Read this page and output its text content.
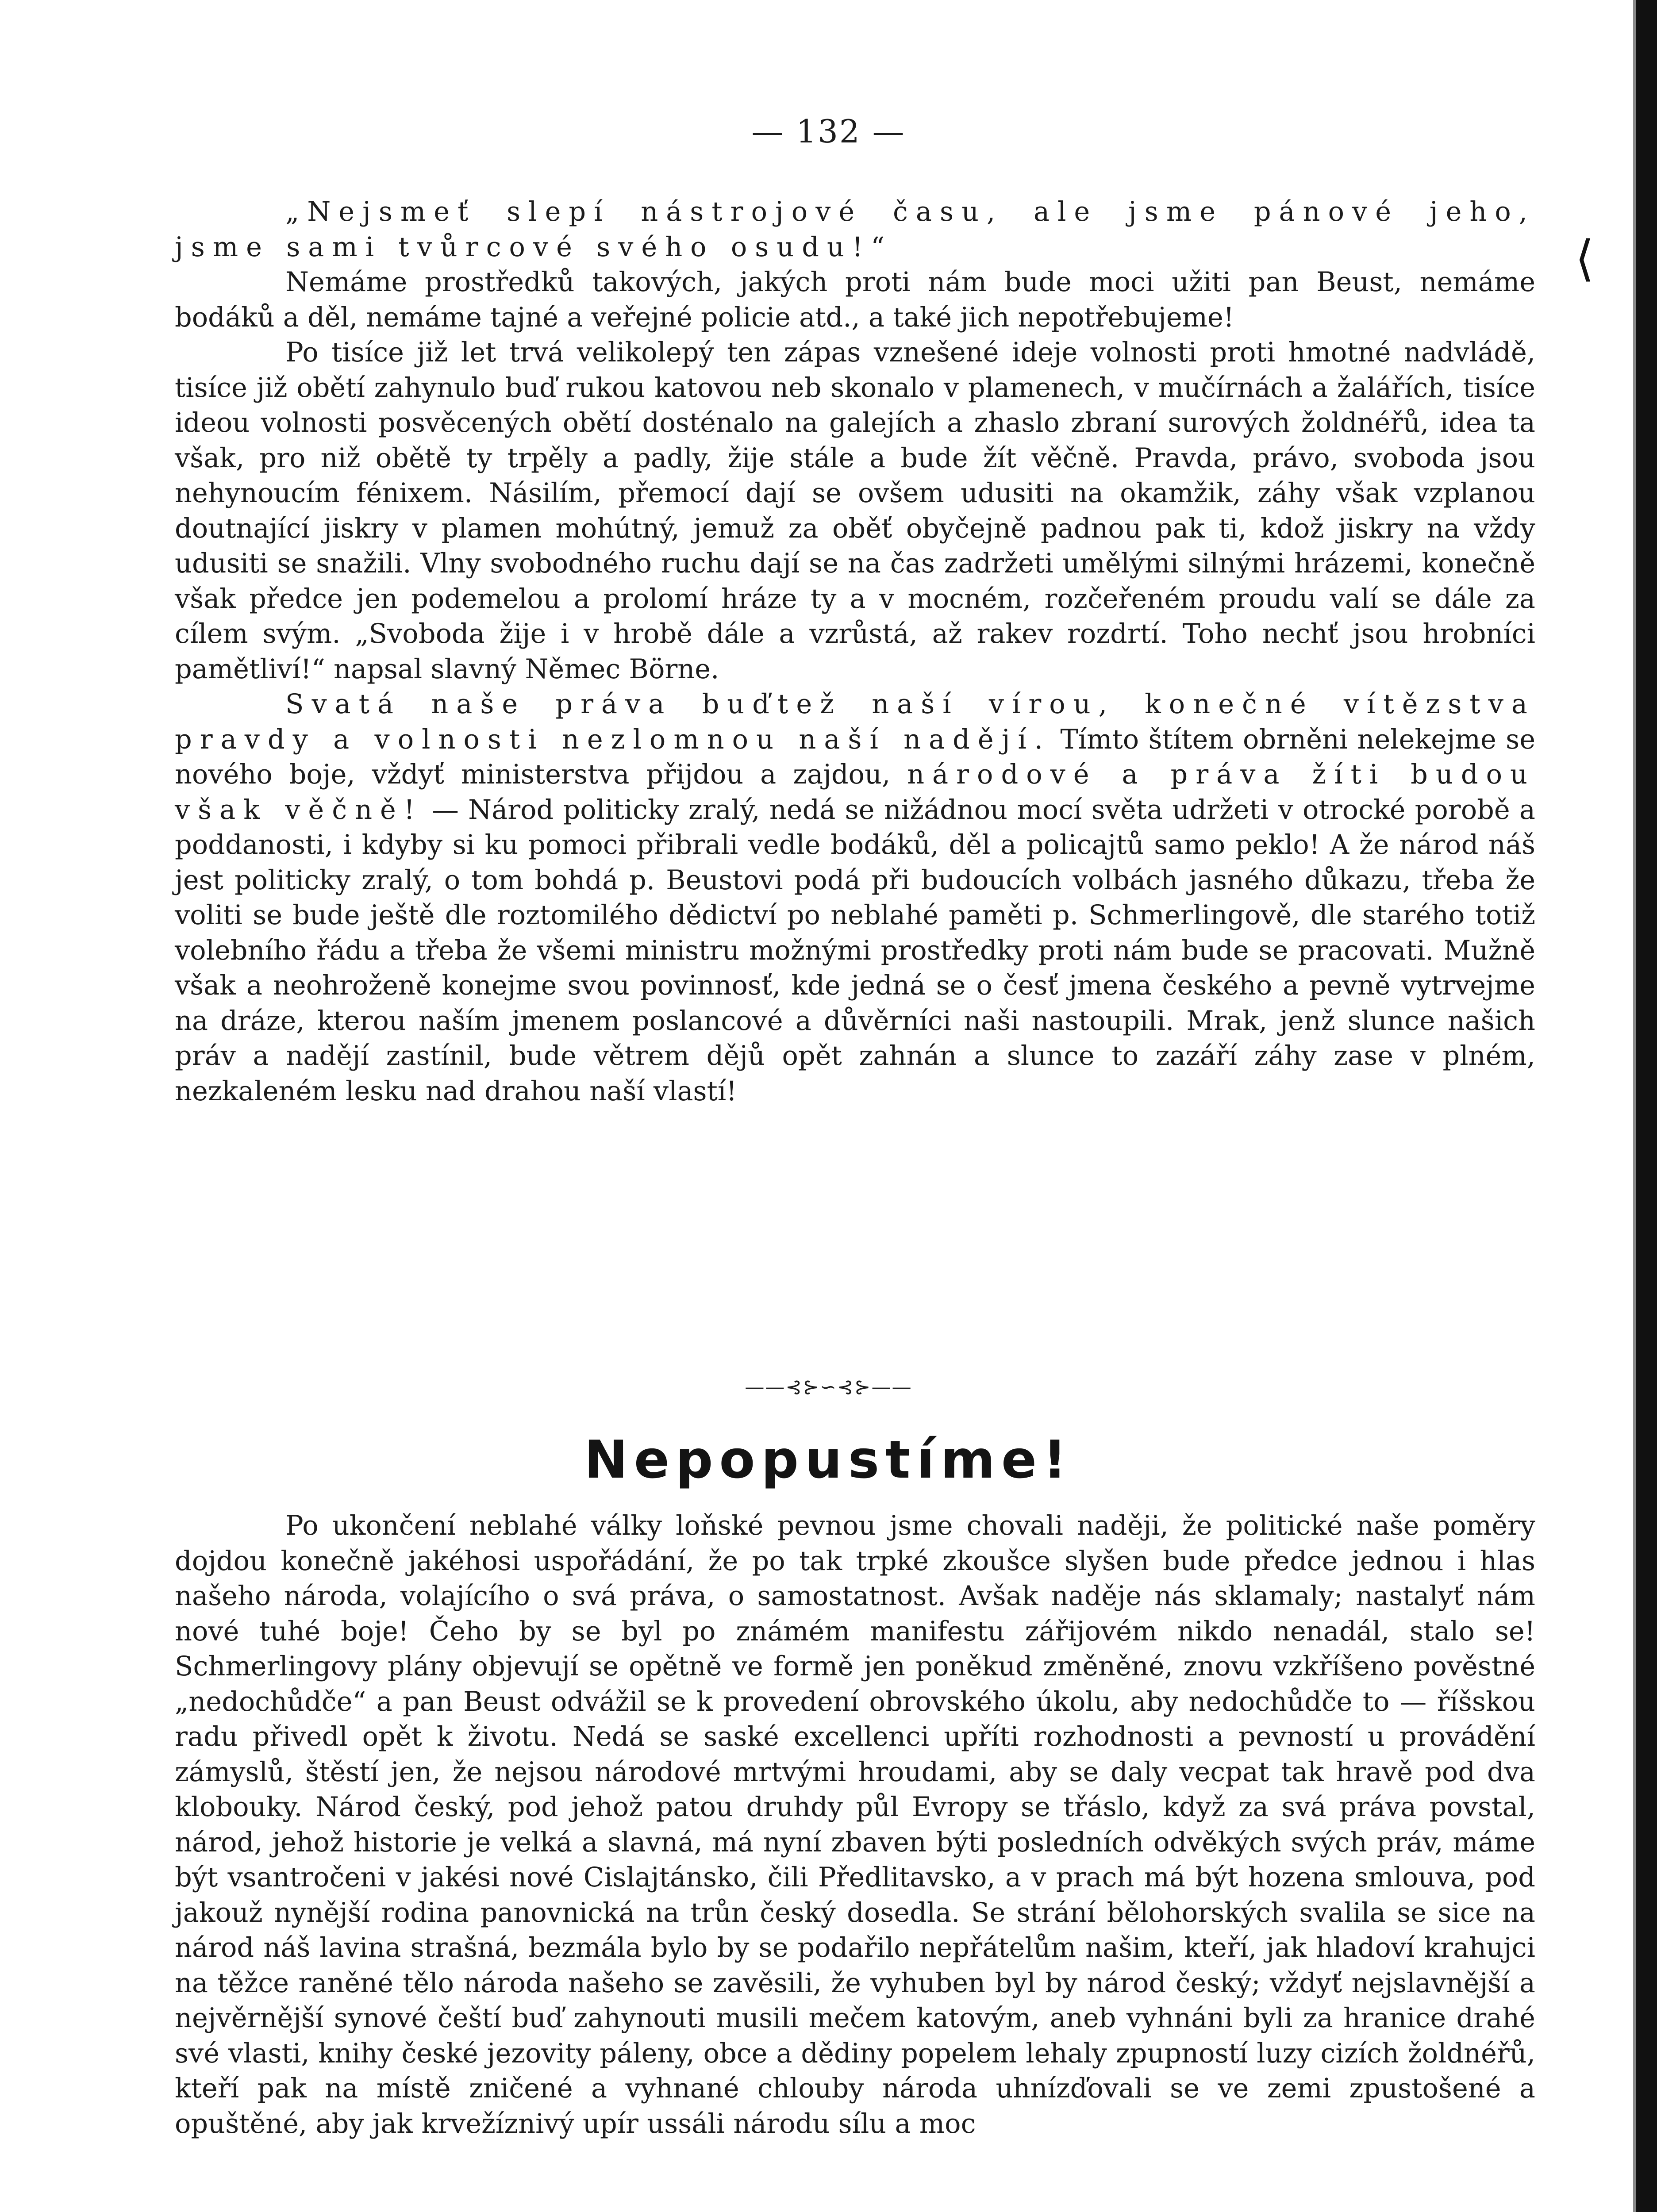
— 132 —
⟨

„Nejsmeť slepí nástrojové času, ale jsme pánové jeho, jsme sami tvůrcové svého osudu!“

Nemáme prostředků takových, jakých proti nám bude moci užiti pan Beust, nemáme bodáků a děl, nemáme tajné a veřejné policie atd., a také jich nepotřebujeme!

Po tisíce již let trvá velikolepý ten zápas vznešené ideje volnosti proti hmotné nadvládě, tisíce již obětí zahynulo buď rukou katovou neb skonalo v plamenech, v mučírnách a žalářích, tisíce ideou volnosti posvěcených obětí dosténalo na galejích a zhaslo zbraní surových žoldnéřů, idea ta však, pro niž obětě ty trpěly a padly, žije stále a bude žít věčně. Pravda, právo, svoboda jsou nehynoucím fénixem. Násilím, přemocí dají se ovšem udusiti na okamžik, záhy však vzplanou doutnající jiskry v plamen mohútný, jemuž za oběť obyčejně padnou pak ti, kdož jiskry na vždy udusiti se snažili. Vlny svobodného ruchu dají se na čas zadržeti umělými silnými hrázemi, konečně však předce jen podemelou a prolomí hráze ty a v mocném, rozčeřeném proudu valí se dále za cílem svým. „Svoboda žije i v hrobě dále a vzrůstá, až rakev rozdrtí. Toho nechť jsou hrobníci pamětliví!“ napsal slavný Němec Börne.

Svatá naše práva buďtež naší vírou, konečné vítězstva pravdy a volnosti nezlomnou naší nadějí. Tímto štítem obrněni nelekejme se nového boje, vždyť ministerstva přijdou a zajdou, národové a práva žíti budou však věčně! — Národ politicky zralý, nedá se nižádnou mocí světa udržeti v otrocké porobě a poddanosti, i kdyby si ku pomoci přibrali vedle bodáků, děl a policajtů samo peklo! A že národ náš jest politicky zralý, o tom bohdá p. Beustovi podá při budoucích volbách jasného důkazu, třeba že voliti se bude ještě dle roztomilého dědictví po neblahé paměti p. Schmerlingově, dle starého totiž volebního řádu a třeba že všemi ministru možnými prostředky proti nám bude se pracovati. Mužně však a neohroženě konejme svou povinnosť, kde jedná se o česť jmena českého a pevně vytrvejme na dráze, kterou naším jmenem poslancové a důvěrníci naši nastoupili. Mrak, jenž slunce našich práv a nadějí zastínil, bude větrem dějů opět zahnán a slunce to zazáří záhy zase v plném, nezkaleném lesku nad drahou naší vlastí!

——⊰⊱∽⊰⊱——
Nepopustíme!

Po ukončení neblahé války loňské pevnou jsme chovali naději, že politické naše poměry dojdou konečně jakéhosi uspořádání, že po tak trpké zkoušce slyšen bude předce jednou i hlas našeho národa, volajícího o svá práva, o samostatnost. Avšak naděje nás sklamaly; nastalyť nám nové tuhé boje! Čeho by se byl po známém manifestu zářijovém nikdo nenadál, stalo se! Schmerlingovy plány objevují se opětně ve formě jen poněkud změněné, znovu vzkříšeno pověstné „nedochůdče“ a pan Beust odvážil se k provedení obrovského úkolu, aby nedochůdče to — říšskou radu přivedl opět k životu. Nedá se saské excellenci upříti rozhodnosti a pevností u provádění zámyslů, štěstí jen, že nejsou národové mrtvými hroudami, aby se daly vecpat tak hravě pod dva klobouky. Národ český, pod jehož patou druhdy půl Evropy se třáslo, když za svá práva povstal, národ, jehož historie je velká a slavná, má nyní zbaven býti posledních odvěkých svých práv, máme být vsantročeni v jakési nové Cislajtánsko, čili Předlitavsko, a v prach má být hozena smlouva, pod jakouž nynější rodina panovnická na trůn český dosedla. Se strání bělohorských svalila se sice na národ náš lavina strašná, bezmála bylo by se podařilo nepřátelům našim, kteří, jak hladoví krahujci na těžce raněné tělo národa našeho se zavěsili, že vyhuben byl by národ český; vždyť nejslavnější a nejvěrnější synové čeští buď zahynouti musili mečem katovým, aneb vyhnáni byli za hranice drahé své vlasti, knihy české jezovity páleny, obce a dědiny popelem lehaly zpupností luzy cizích žoldnéřů, kteří pak na místě zničené a vyhnané chlouby národa uhnízďovali se ve zemi zpustošené a opuštěné, aby jak krvežíznivý upír ussáli národu sílu a moc
